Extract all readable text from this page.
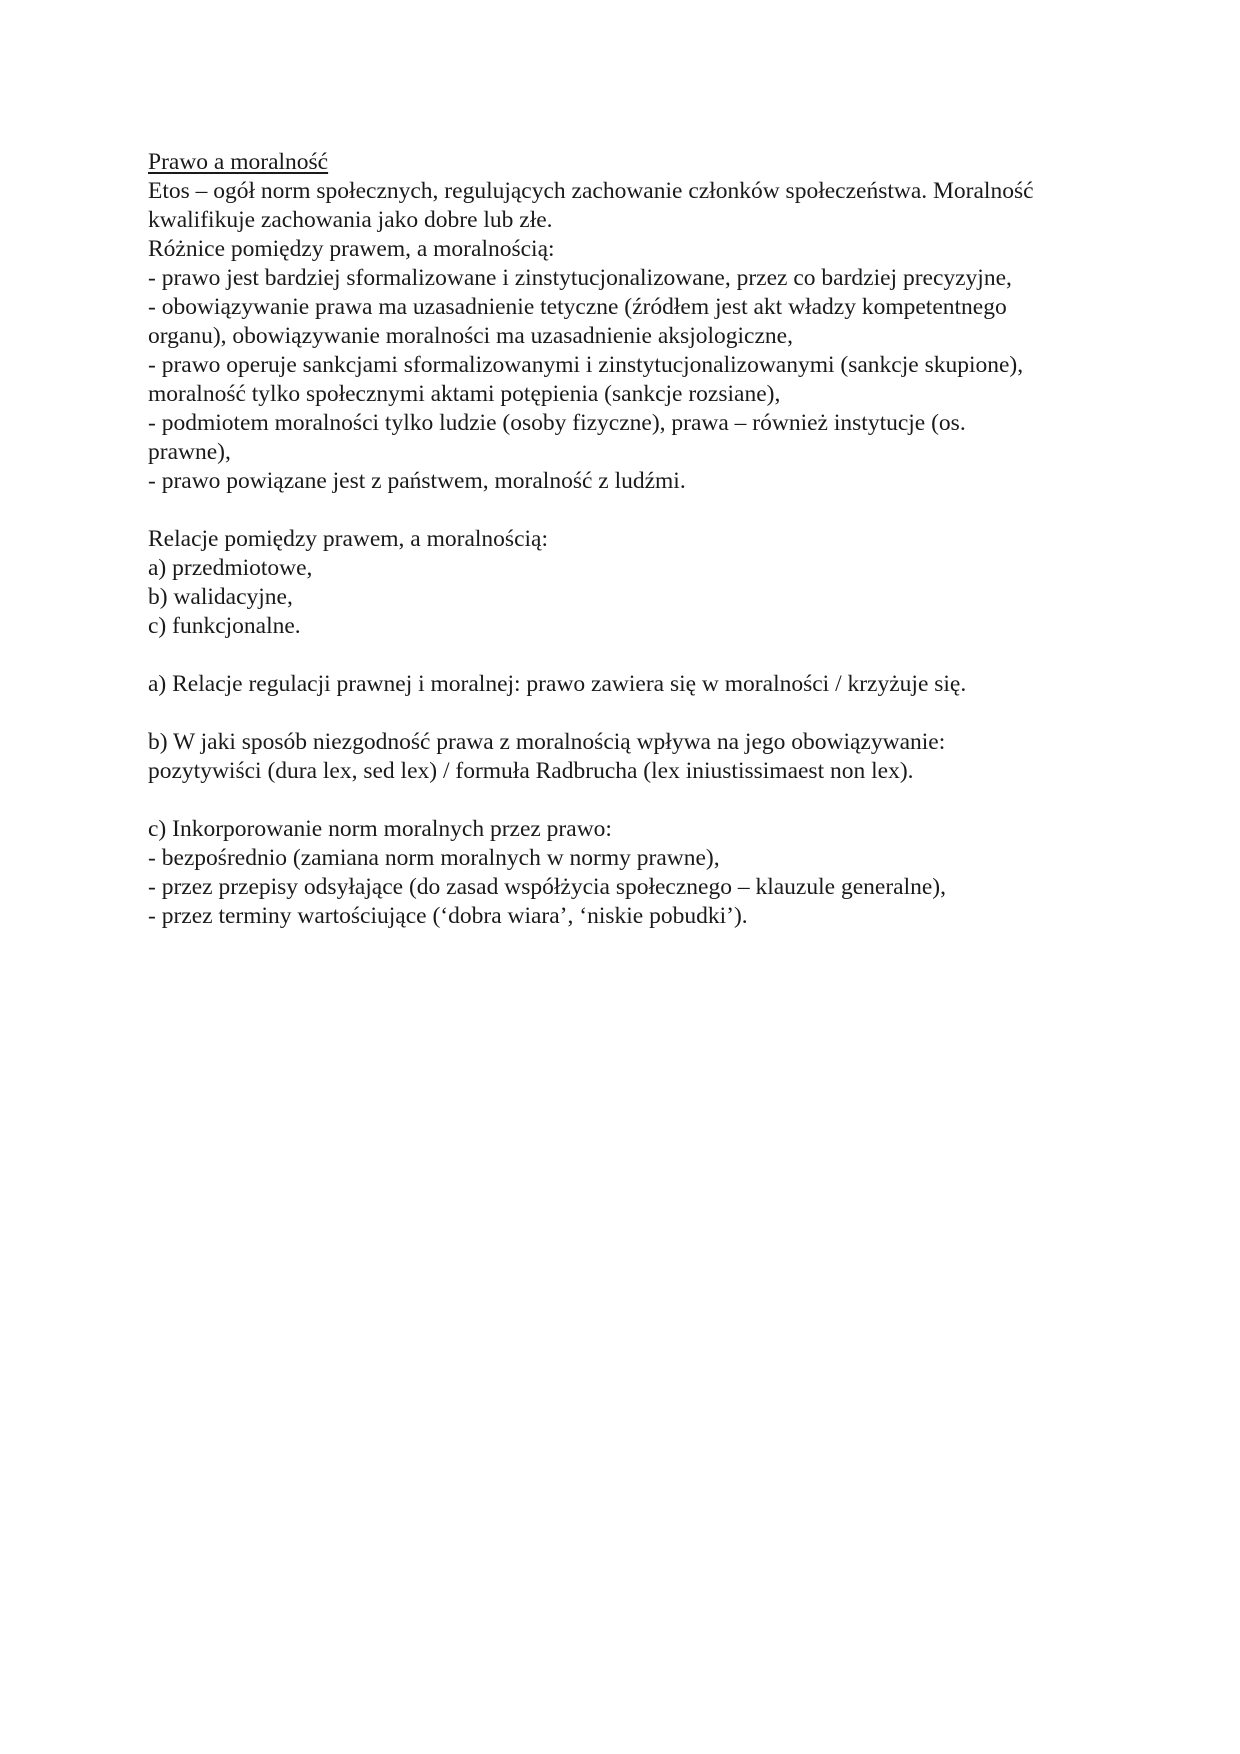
Prawo a moralność

Etos – ogół norm społecznych, regulujących zachowanie członków społeczeństwa. Moralność

kwalifikuje zachowania jako dobre lub złe.

Różnice pomiędzy prawem, a moralnością:

- prawo jest bardziej sformalizowane i zinstytucjonalizowane, przez co bardziej precyzyjne,

- obowiązywanie prawa ma uzasadnienie tetyczne (źródłem jest akt władzy kompetentnego

organu), obowiązywanie moralności ma uzasadnienie aksjologiczne,

- prawo operuje sankcjami sformalizowanymi i zinstytucjonalizowanymi (sankcje skupione),

moralność tylko społecznymi aktami potępienia (sankcje rozsiane),

- podmiotem moralności tylko ludzie (osoby fizyczne), prawa – również instytucje (os.

prawne),

- prawo powiązane jest z państwem, moralność z ludźmi.

Relacje pomiędzy prawem, a moralnością:

a) przedmiotowe,

b) walidacyjne,

c) funkcjonalne.

a) Relacje regulacji prawnej i moralnej: prawo zawiera się w moralności / krzyżuje się.

b) W jaki sposób niezgodność prawa z moralnością wpływa na jego obowiązywanie:

pozytywiści (dura lex, sed lex) / formuła Radbrucha (lex iniustissimaest non lex).

c) Inkorporowanie norm moralnych przez prawo:

- bezpośrednio (zamiana norm moralnych w normy prawne),

- przez przepisy odsyłające (do zasad współżycia społecznego – klauzule generalne),

- przez terminy wartościujące (‘dobra wiara’, ‘niskie pobudki’).
